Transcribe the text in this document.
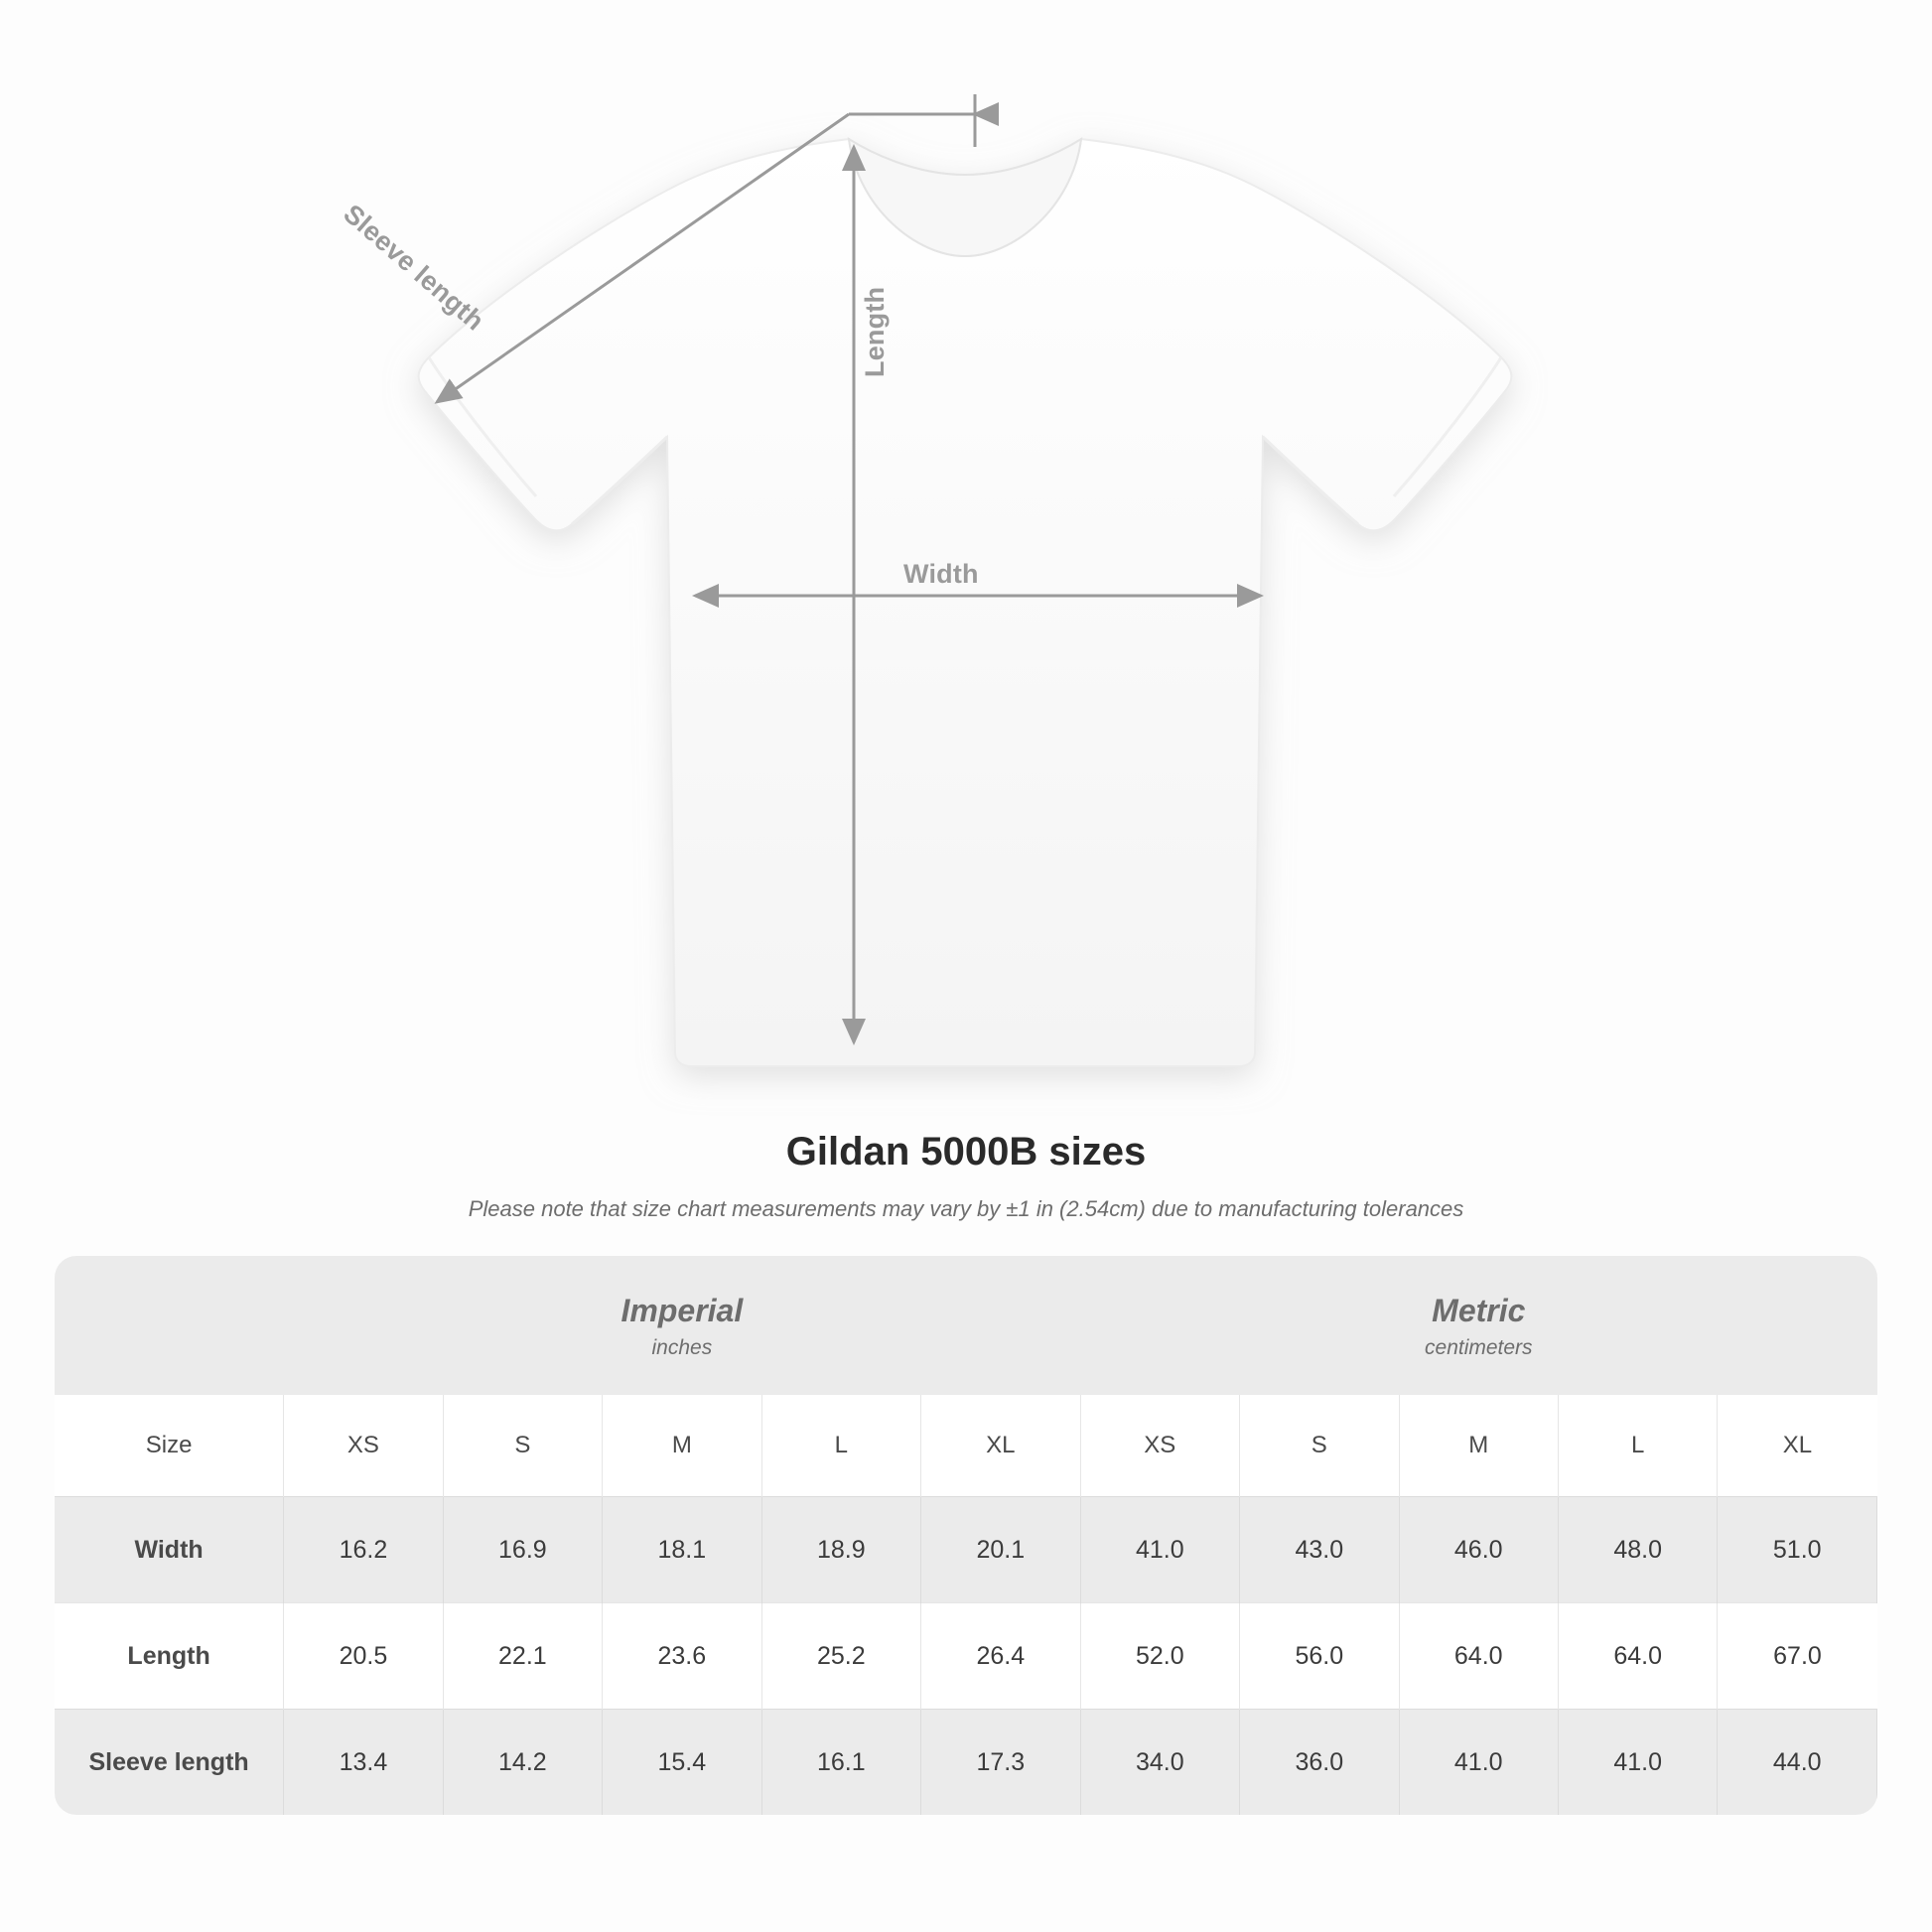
Sleeve length	Length
Width
Gildan 5000B sizes
Please note that size chart measurements may vary by ±1 in (2.54cm) due to manufacturing tolerances

Imperial
inches

Metric
centimeters

Size	XS	S	M	L	XL	XS	S	M	L	XL
Width	16.2	16.9	18.1	18.9	20.1	41.0	43.0	46.0	48.0	51.0
Length	20.5	22.1	23.6	25.2	26.4	52.0	56.0	64.0	64.0	67.0
Sleeve length	13.4	14.2	15.4	16.1	17.3	34.0	36.0	41.0	41.0	44.0
